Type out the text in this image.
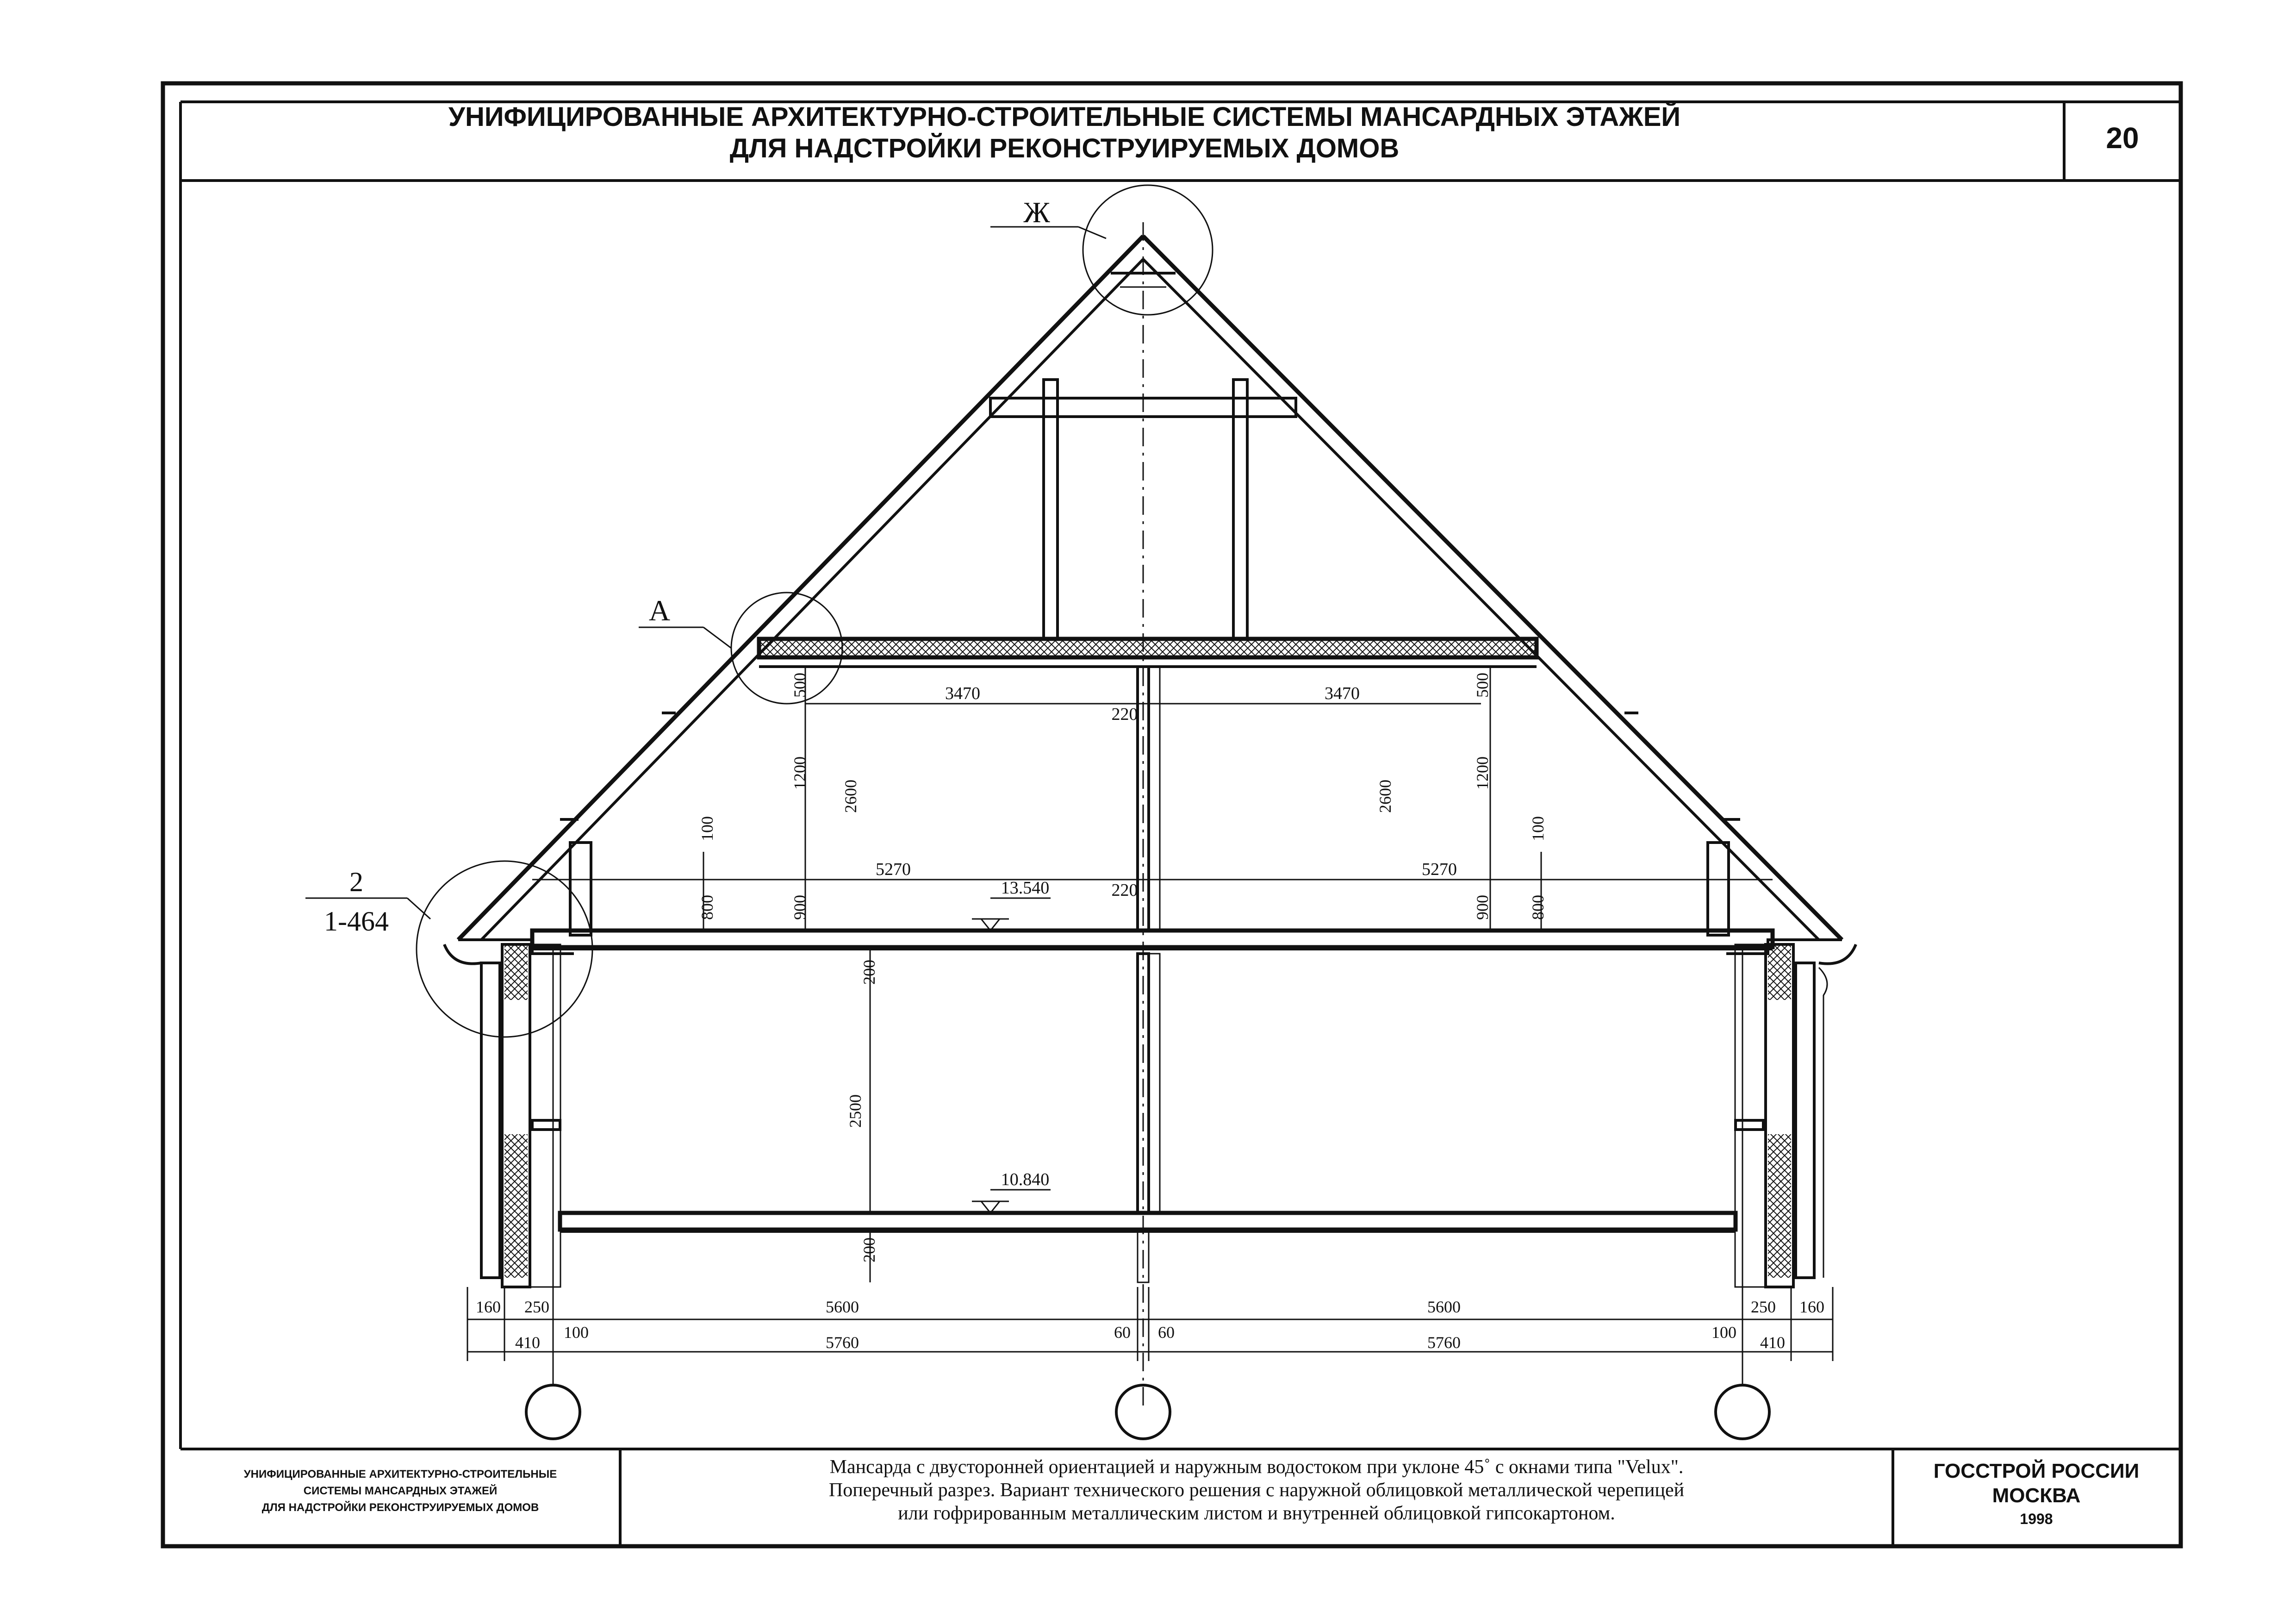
УНИФИЦИРОВАННЫЕ АРХИТЕКТУРНО-СТРОИТЕЛЬНЫЕ СИСТЕМЫ МАНСАРДНЫХ ЭТАЖЕЙ
ДЛЯ НАДСТРОЙКИ РЕКОНСТРУИРУЕМЫХ ДОМОВ	20
Ж
А
2
1-464
3470	3470
220
5270	5270
220
500	500
1200	1200
2600	2600
100	100
800	800
900	900
200
2500
200
13.540
10.840
160 250	5600	5600	250 160
100	60 60	100
410	5760	5760	410
УНИФИЦИРОВАННЫЕ АРХИТЕКТУРНО-СТРОИТЕЛЬНЫЕ
СИСТЕМЫ МАНСАРДНЫХ ЭТАЖЕЙ
ДЛЯ НАДСТРОЙКИ РЕКОНСТРУИРУЕМЫХ ДОМОВ
Мансарда с двусторонней ориентацией и наружным водостоком при уклоне 45˚ с окнами типа "Velux".
Поперечный разрез. Вариант технического решения с наружной облицовкой металлической черепицей
или гофрированным металлическим листом и внутренней облицовкой гипсокартоном.
ГОССТРОЙ РОССИИ
МОСКВА
1998
